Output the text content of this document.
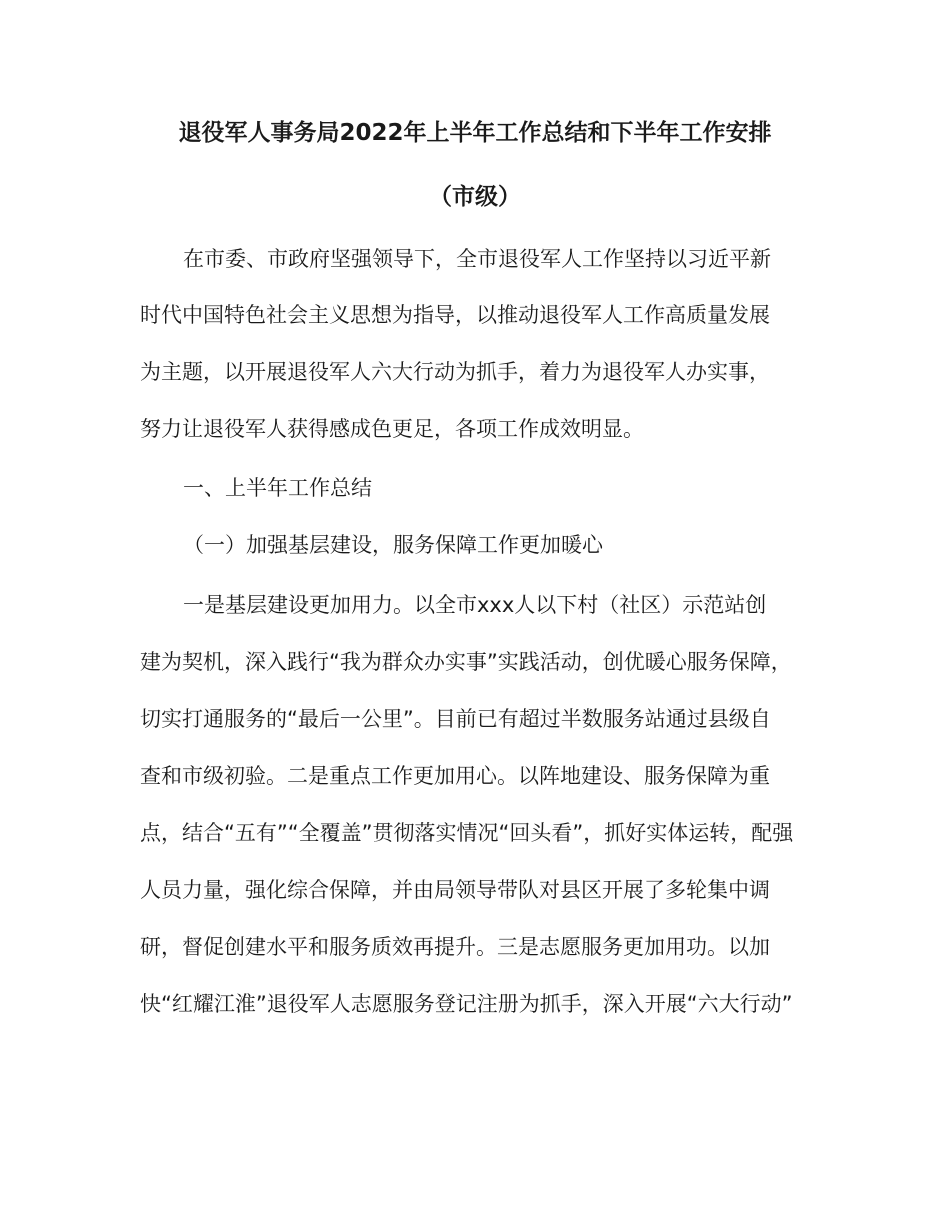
退役军人事务局2022年上半年工作总结和下半年工作安排
（市级）
在市委、市政府坚强领导下，全市退役军人工作坚持以习近平新
时代中国特色社会主义思想为指导，以推动退役军人工作高质量发展
为主题，以开展退役军人六大行动为抓手，着力为退役军人办实事，
努力让退役军人获得感成色更足，各项工作成效明显。
一、上半年工作总结
（一）加强基层建设，服务保障工作更加暖心
一是基层建设更加用力。以全市xxx人以下村（社区）示范站创
建为契机，深入践行“我为群众办实事”实践活动，创优暖心服务保障，
切实打通服务的“最后一公里”。目前已有超过半数服务站通过县级自
查和市级初验。二是重点工作更加用心。以阵地建设、服务保障为重
点，结合“五有”“全覆盖”贯彻落实情况“回头看”，抓好实体运转，配强
人员力量，强化综合保障，并由局领导带队对县区开展了多轮集中调
研，督促创建水平和服务质效再提升。三是志愿服务更加用功。以加
快“红耀江淮”退役军人志愿服务登记注册为抓手，深入开展“六大行动”
